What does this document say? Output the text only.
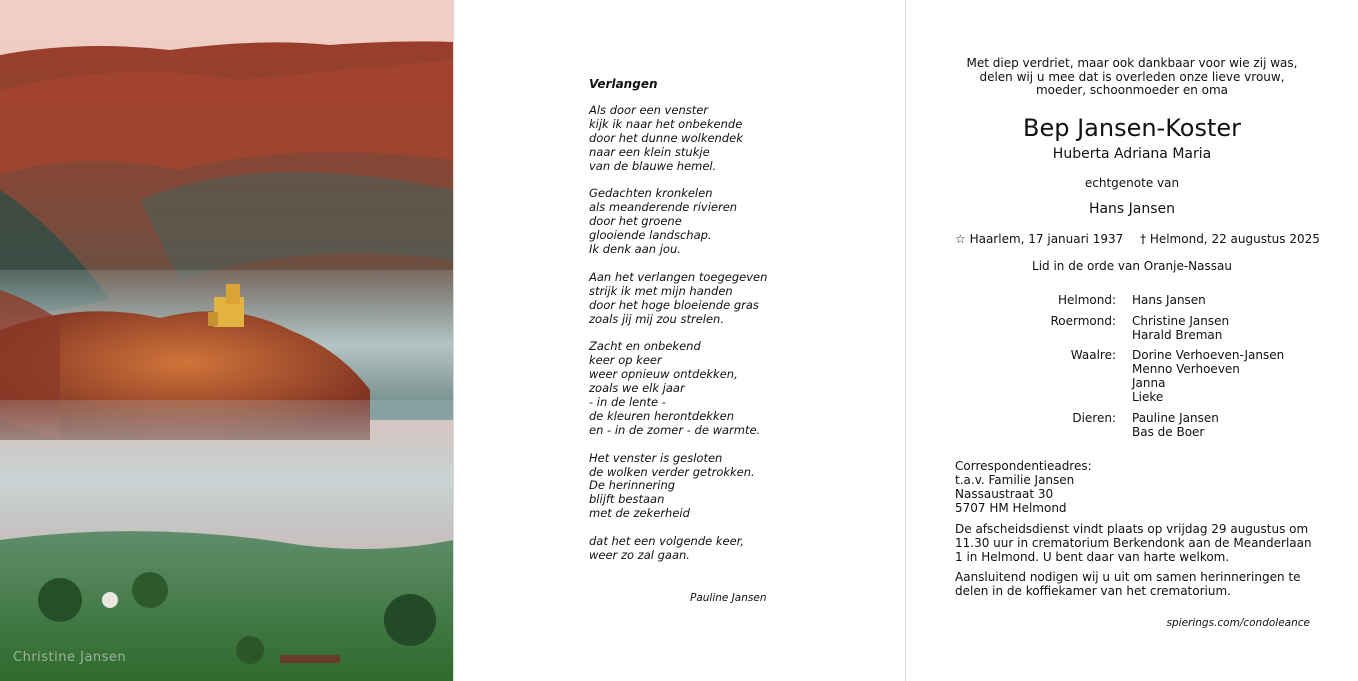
Christine Jansen
Verlangen
Als door een venster
kijk ik naar het onbekende
door het dunne wolkendek
naar een klein stukje
van de blauwe hemel.
Gedachten kronkelen
als meanderende rivieren
door het groene
glooiende landschap.
Ik denk aan jou.
Aan het verlangen toegegeven
strijk ik met mijn handen
door het hoge bloeiende gras
zoals jij mij zou strelen.
Zacht en onbekend
keer op keer
weer opnieuw ontdekken,
zoals we elk jaar
- in de lente -
de kleuren herontdekken
en - in de zomer - de warmte.
Het venster is gesloten
de wolken verder getrokken.
De herinnering
blijft bestaan
met de zekerheid
dat het een volgende keer,
weer zo zal gaan.
Pauline Jansen
Met diep verdriet, maar ook dankbaar voor wie zij was,
delen wij u mee dat is overleden onze lieve vrouw,
moeder, schoonmoeder en oma
Bep Jansen-Koster
Huberta Adriana Maria
echtgenote van
Hans Jansen
☆ Haarlem, 17 januari 1937 † Helmond, 22 augustus 2025
Lid in de orde van Oranje-Nassau
Helmond: Hans Jansen
Roermond: Christine Jansen
Harald Breman
Waalre: Dorine Verhoeven-Jansen
Menno Verhoeven
Janna
Lieke
Dieren: Pauline Jansen
Bas de Boer
Correspondentieadres:
t.a.v. Familie Jansen
Nassaustraat 30
5707 HM Helmond
De afscheidsdienst vindt plaats op vrijdag 29 augustus om 11.30 uur in crematorium Berkendonk aan de Meanderlaan 1 in Helmond. U bent daar van harte welkom.
Aansluitend nodigen wij u uit om samen herinneringen te delen in de koffiekamer van het crematorium.
spierings.com/condoleance
